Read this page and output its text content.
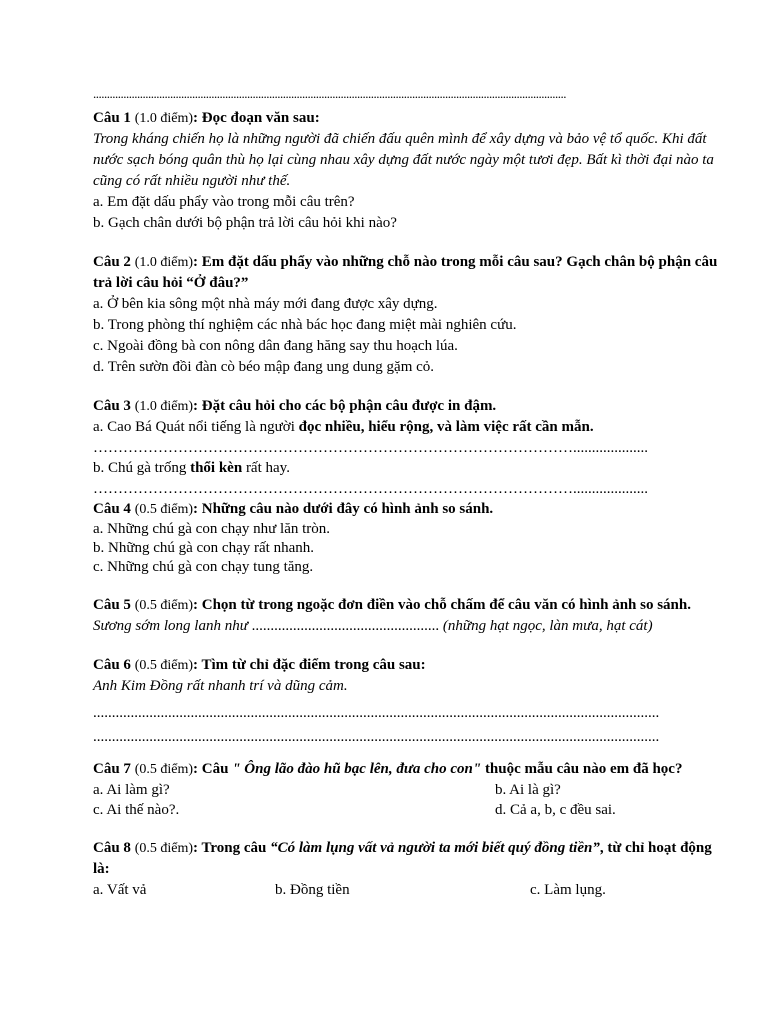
............................................................................................................................................................................

Câu 1 (1.0 điểm): Đọc đoạn văn sau:

Trong kháng chiến họ là những người đã chiến đấu quên mình để xây dựng và bảo vệ tổ quốc. Khi đất nước sạch bóng quân thù họ lại cùng nhau xây dựng đất nước ngày một tươi đẹp. Bất kì thời đại nào ta cũng có rất nhiều người như thế.

a. Em đặt dấu phẩy vào trong mỗi câu trên?

b. Gạch chân dưới bộ phận trả lời câu hỏi khi nào?

Câu 2 (1.0 điểm): Em đặt dấu phẩy vào những chỗ nào trong mỗi câu sau? Gạch chân bộ phận câu trả lời câu hỏi “Ở đâu?”

a. Ở bên kia sông một nhà máy mới đang được xây dựng.

b. Trong phòng thí nghiệm các nhà bác học đang miệt mài nghiên cứu.

c. Ngoài đồng bà con nông dân đang hăng say thu hoạch lúa.

d. Trên sườn đồi đàn cò béo mập đang ung dung gặm cỏ.

Câu 3 (1.0 điểm): Đặt câu hỏi cho các bộ phận câu được in đậm.

a. Cao Bá Quát nổi tiếng là người đọc nhiều, hiểu rộng, và làm việc rất cần mẫn.

……………………………………………………………………………………....................

b. Chú gà trống thổi kèn rất hay.

……………………………………………………………………………………....................

Câu 4 (0.5 điểm): Những câu nào dưới đây có hình ảnh so sánh.

a. Những chú gà con chạy như lăn tròn.

b. Những chú gà con chạy rất nhanh.

c. Những chú gà con chạy tung tăng.

Câu 5 (0.5 điểm): Chọn từ trong ngoặc đơn điền vào chỗ chấm để câu văn có hình ảnh so sánh.

Sương sớm long lanh như .................................................. (những hạt ngọc, làn mưa, hạt cát)

Câu 6 (0.5 điểm): Tìm từ chỉ đặc điểm trong câu sau:

Anh Kim Đồng rất nhanh trí và dũng cảm.

.......................................................................................................................................................
.......................................................................................................................................................

Câu 7 (0.5 điểm): Câu " Ông lão đào hũ bạc lên, đưa cho con" thuộc mẫu câu nào em đã học?

a. Ai làm gì?	b. Ai là gì?
c. Ai thế nào?.	d. Cả a, b, c đều sai.

Câu 8 (0.5 điểm): Trong câu “Có làm lụng vất vả người ta mới biết quý đồng tiền”, từ chỉ hoạt động là:

a. Vất vả	b. Đồng tiền	c. Làm lụng.
